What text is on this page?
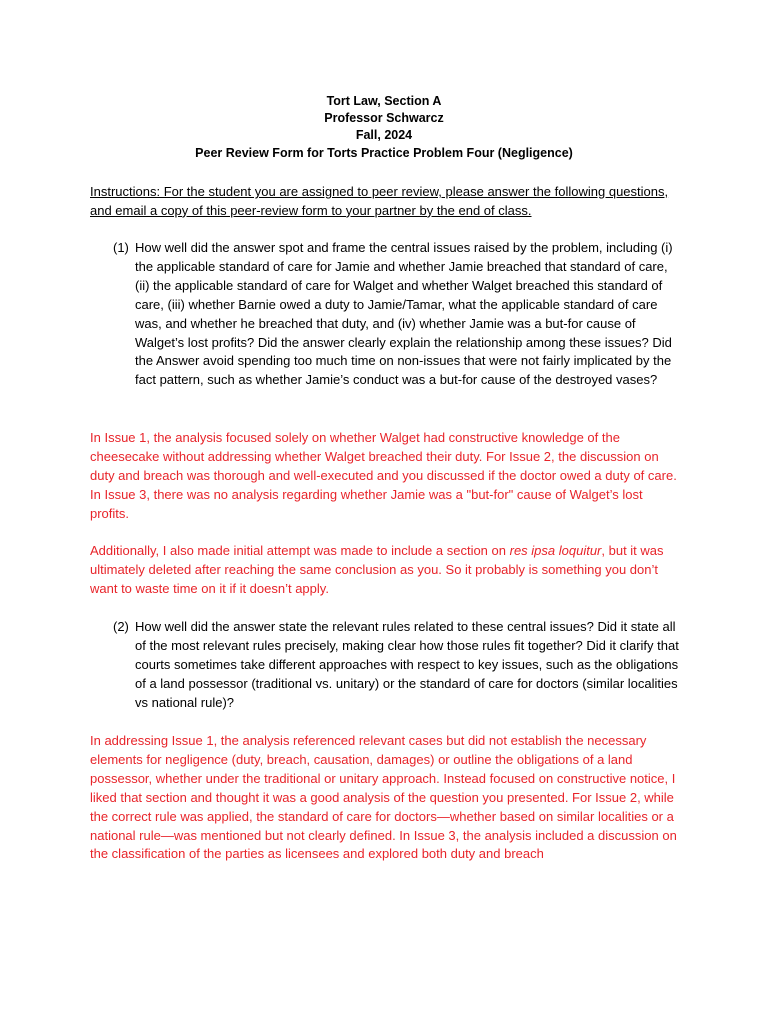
Tort Law, Section A
Professor Schwarcz
Fall, 2024
Peer Review Form for Torts Practice Problem Four (Negligence)
Instructions: For the student you are assigned to peer review, please answer the following questions, and email a copy of this peer-review form to your partner by the end of class.
(1) How well did the answer spot and frame the central issues raised by the problem, including (i) the applicable standard of care for Jamie and whether Jamie breached that standard of care, (ii) the applicable standard of care for Walget and whether Walget breached this standard of care, (iii) whether Barnie owed a duty to Jamie/Tamar, what the applicable standard of care was, and whether he breached that duty, and (iv) whether Jamie was a but-for cause of Walget’s lost profits? Did the answer clearly explain the relationship among these issues? Did the Answer avoid spending too much time on non-issues that were not fairly implicated by the fact pattern, such as whether Jamie’s conduct was a but-for cause of the destroyed vases?
In Issue 1, the analysis focused solely on whether Walget had constructive knowledge of the cheesecake without addressing whether Walget breached their duty. For Issue 2, the discussion on duty and breach was thorough and well-executed and you discussed if the doctor owed a duty of care. In Issue 3, there was no analysis regarding whether Jamie was a "but-for" cause of Walget’s lost profits.
Additionally, I also made initial attempt was made to include a section on res ipsa loquitur, but it was ultimately deleted after reaching the same conclusion as you. So it probably is something you don’t want to waste time on it if it doesn’t apply.
(2) How well did the answer state the relevant rules related to these central issues? Did it state all of the most relevant rules precisely, making clear how those rules fit together? Did it clarify that courts sometimes take different approaches with respect to key issues, such as the obligations of a land possessor (traditional vs. unitary) or the standard of care for doctors (similar localities vs national rule)?
In addressing Issue 1, the analysis referenced relevant cases but did not establish the necessary elements for negligence (duty, breach, causation, damages) or outline the obligations of a land possessor, whether under the traditional or unitary approach. Instead focused on constructive notice, I liked that section and thought it was a good analysis of the question you presented. For Issue 2, while the correct rule was applied, the standard of care for doctors—whether based on similar localities or a national rule—was mentioned but not clearly defined. In Issue 3, the analysis included a discussion on the classification of the parties as licensees and explored both duty and breach
